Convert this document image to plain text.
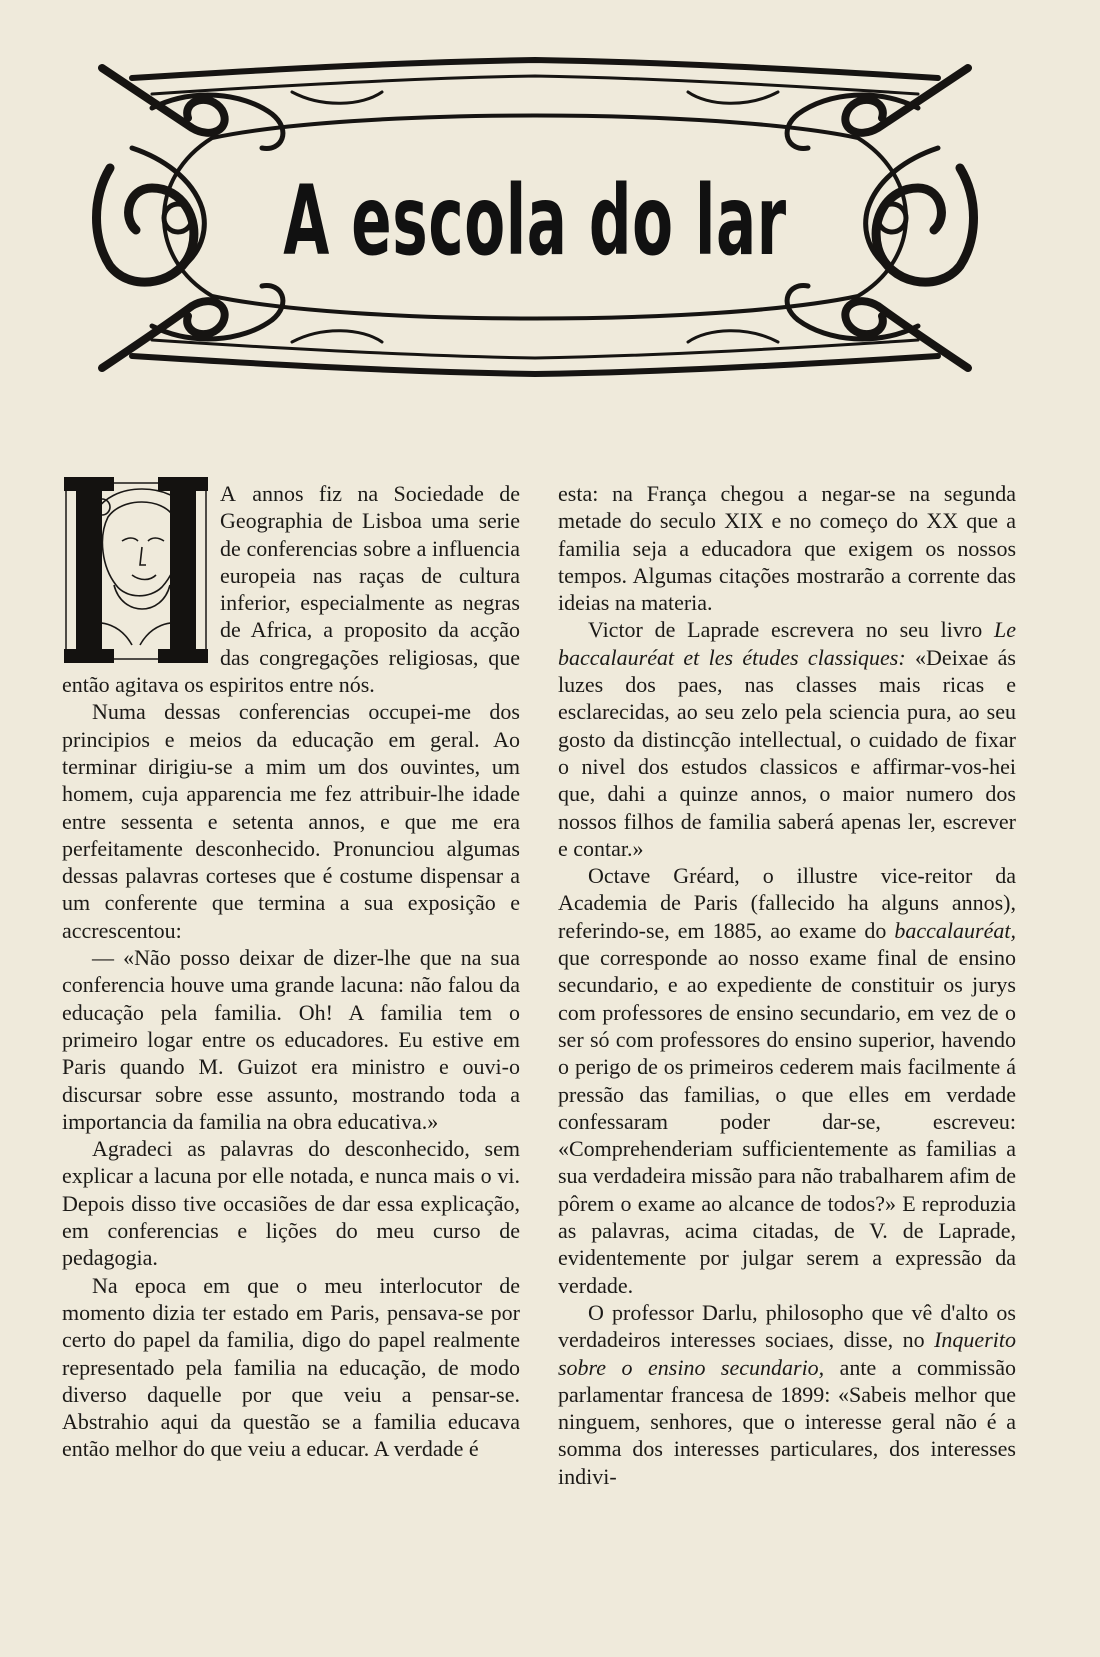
A escola do lar

A annos fiz na Sociedade de Geographia de Lisboa uma serie de conferencias sobre a influencia europeia nas raças de cultura inferior, especialmente as negras de Africa, a proposito da acção das congregações religiosas, que então agitava os espiritos entre nós.

Numa dessas conferencias occupei-me dos principios e meios da educação em geral. Ao terminar dirigiu-se a mim um dos ouvintes, um homem, cuja apparencia me fez attribuir-lhe idade entre sessenta e setenta annos, e que me era perfeitamente desconhecido. Pronunciou algumas dessas palavras corteses que é costume dispensar a um conferente que termina a sua exposição e accrescentou:

— «Não posso deixar de dizer-lhe que na sua conferencia houve uma grande lacuna: não falou da educação pela familia. Oh! A familia tem o primeiro logar entre os educadores. Eu estive em Paris quando M. Guizot era ministro e ouvi-o discursar sobre esse assunto, mostrando toda a importancia da familia na obra educativa.»

Agradeci as palavras do desconhecido, sem explicar a lacuna por elle notada, e nunca mais o vi. Depois disso tive occasiões de dar essa explicação, em conferencias e lições do meu curso de pedagogia.

Na epoca em que o meu interlocutor de momento dizia ter estado em Paris, pensava-se por certo do papel da familia, digo do papel realmente representado pela familia na educação, de modo diverso daquelle por que veiu a pensar-se. Abstrahio aqui da questão se a familia educava então melhor do que veiu a educar. A verdade é

esta: na França chegou a negar-se na segunda metade do seculo XIX e no começo do XX que a familia seja a educadora que exigem os nossos tempos. Algumas citações mostrarão a corrente das ideias na materia.

Victor de Laprade escrevera no seu livro Le baccalauréat et les études classiques: «Deixae ás luzes dos paes, nas classes mais ricas e esclarecidas, ao seu zelo pela sciencia pura, ao seu gosto da distincção intellectual, o cuidado de fixar o nivel dos estudos classicos e affirmar-vos-hei que, dahi a quinze annos, o maior numero dos nossos filhos de familia saberá apenas ler, escrever e contar.»

Octave Gréard, o illustre vice-reitor da Academia de Paris (fallecido ha alguns annos), referindo-se, em 1885, ao exame do baccalauréat, que corresponde ao nosso exame final de ensino secundario, e ao expediente de constituir os jurys com professores de ensino secundario, em vez de o ser só com professores do ensino superior, havendo o perigo de os primeiros cederem mais facilmente á pressão das familias, o que elles em verdade confessaram poder dar-se, escreveu: «Comprehenderiam sufficientemente as familias a sua verdadeira missão para não trabalharem afim de pôrem o exame ao alcance de todos?» E reproduzia as palavras, acima citadas, de V. de Laprade, evidentemente por julgar serem a expressão da verdade.

O professor Darlu, philosopho que vê d'alto os verdadeiros interesses sociaes, disse, no Inquerito sobre o ensino secundario, ante a commissão parlamentar francesa de 1899: «Sabeis melhor que ninguem, senhores, que o interesse geral não é a somma dos interesses particulares, dos interesses indivi-
